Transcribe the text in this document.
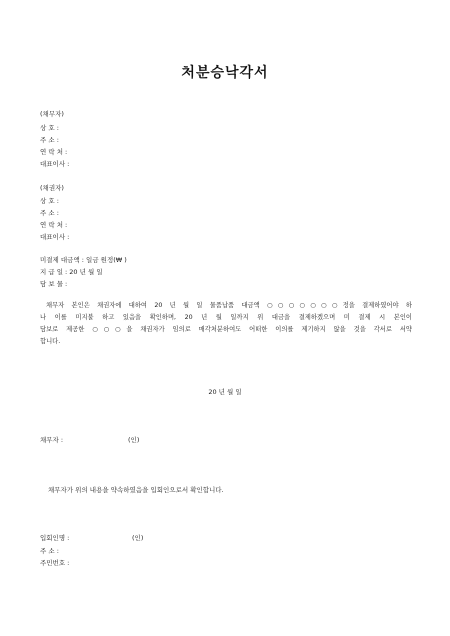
처분승낙각서
(채무자)
상 호 :
주 소 :
연 락 처 :
대표이사 :
(채권자)
상 호 :
주 소 :
연 락 처 :
대표이사 :
미결제 대금액 : 일금 원정(₩ )
지 급 일 : 20 년 월 일
담 보 물 :
채무자 본인은 채권자에 대하여 20 년 월 일 물품납품 대금액 ○○○○○○○정을 결제하였어야 하
나 이를 미지불 하고 있음을 확인하며, 20 년 월 일까지 위 대금을 결제하겠으며 미 결제 시 본인이
담보로 제공한 ○○○을 채권자가 임의로 매각처분하여도 어떠한 이의를 제기하지 않을 것을 각서로 서약
합니다.
20 년 월 일
채무자 :	(인)
채무자가 위의 내용을 약속하였음을 입회인으로서 확인합니다.
입회인명 :	(인)
주 소 :
주민번호 :
